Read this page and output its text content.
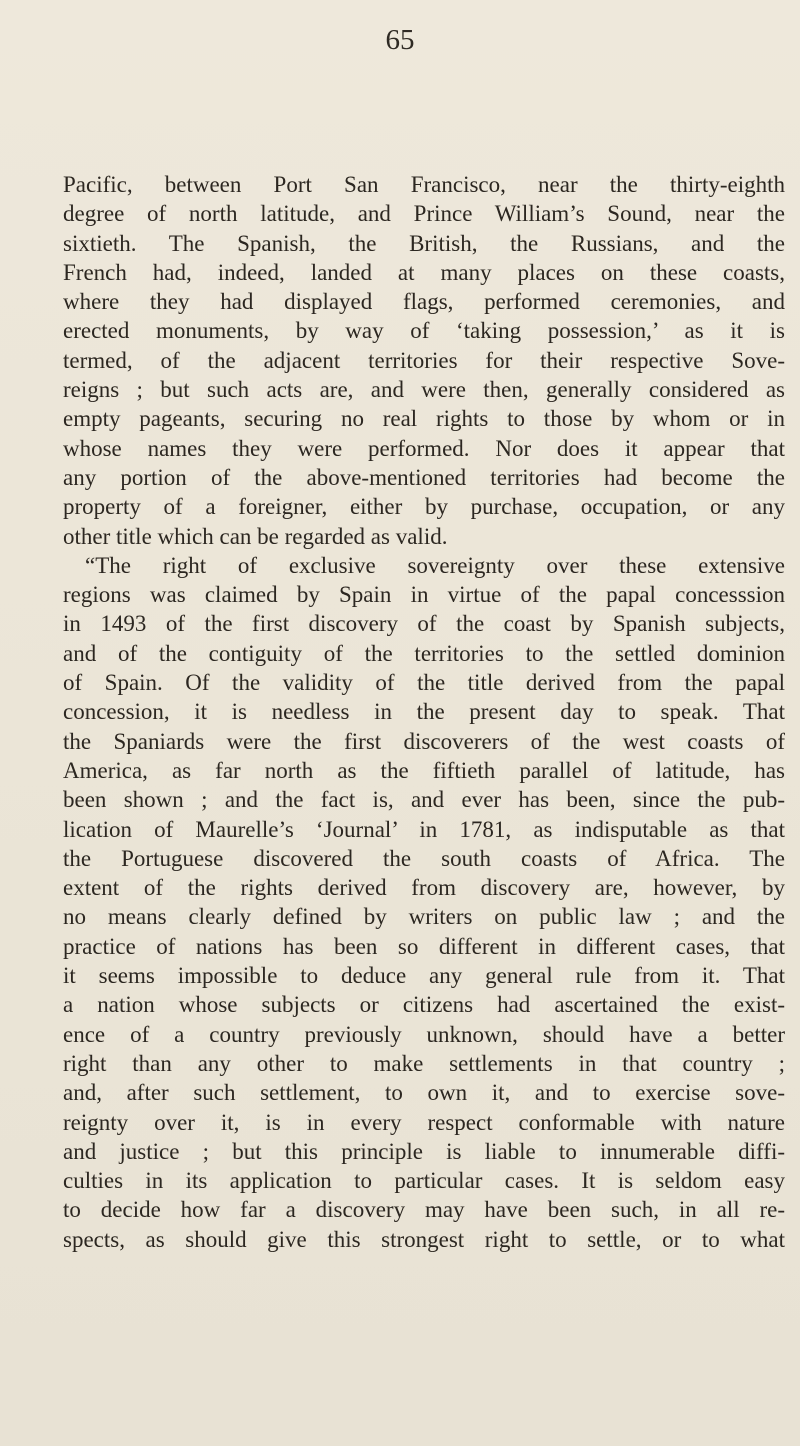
65
Pacific, between Port San Francisco, near the thirty-eighth
degree of north latitude, and Prince William’s Sound, near the
sixtieth. The Spanish, the British, the Russians, and the
French had, indeed, landed at many places on these coasts,
where they had displayed flags, performed ceremonies, and
erected monuments, by way of ‘taking possession,’ as it is
termed, of the adjacent territories for their respective Sove-
reigns ; but such acts are, and were then, generally considered as
empty pageants, securing no real rights to those by whom or in
whose names they were performed. Nor does it appear that
any portion of the above-mentioned territories had become the
property of a foreigner, either by purchase, occupation, or any
other title which can be regarded as valid.
“The right of exclusive sovereignty over these extensive
regions was claimed by Spain in virtue of the papal concesssion
in 1493 of the first discovery of the coast by Spanish subjects,
and of the contiguity of the territories to the settled dominion
of Spain. Of the validity of the title derived from the papal
concession, it is needless in the present day to speak. That
the Spaniards were the first discoverers of the west coasts of
America, as far north as the fiftieth parallel of latitude, has
been shown ; and the fact is, and ever has been, since the pub-
lication of Maurelle’s ‘Journal’ in 1781, as indisputable as that
the Portuguese discovered the south coasts of Africa. The
extent of the rights derived from discovery are, however, by
no means clearly defined by writers on public law ; and the
practice of nations has been so different in different cases, that
it seems impossible to deduce any general rule from it. That
a nation whose subjects or citizens had ascertained the exist-
ence of a country previously unknown, should have a better
right than any other to make settlements in that country ;
and, after such settlement, to own it, and to exercise sove-
reignty over it, is in every respect conformable with nature
and justice ; but this principle is liable to innumerable diffi-
culties in its application to particular cases. It is seldom easy
to decide how far a discovery may have been such, in all re-
spects, as should give this strongest right to settle, or to what
